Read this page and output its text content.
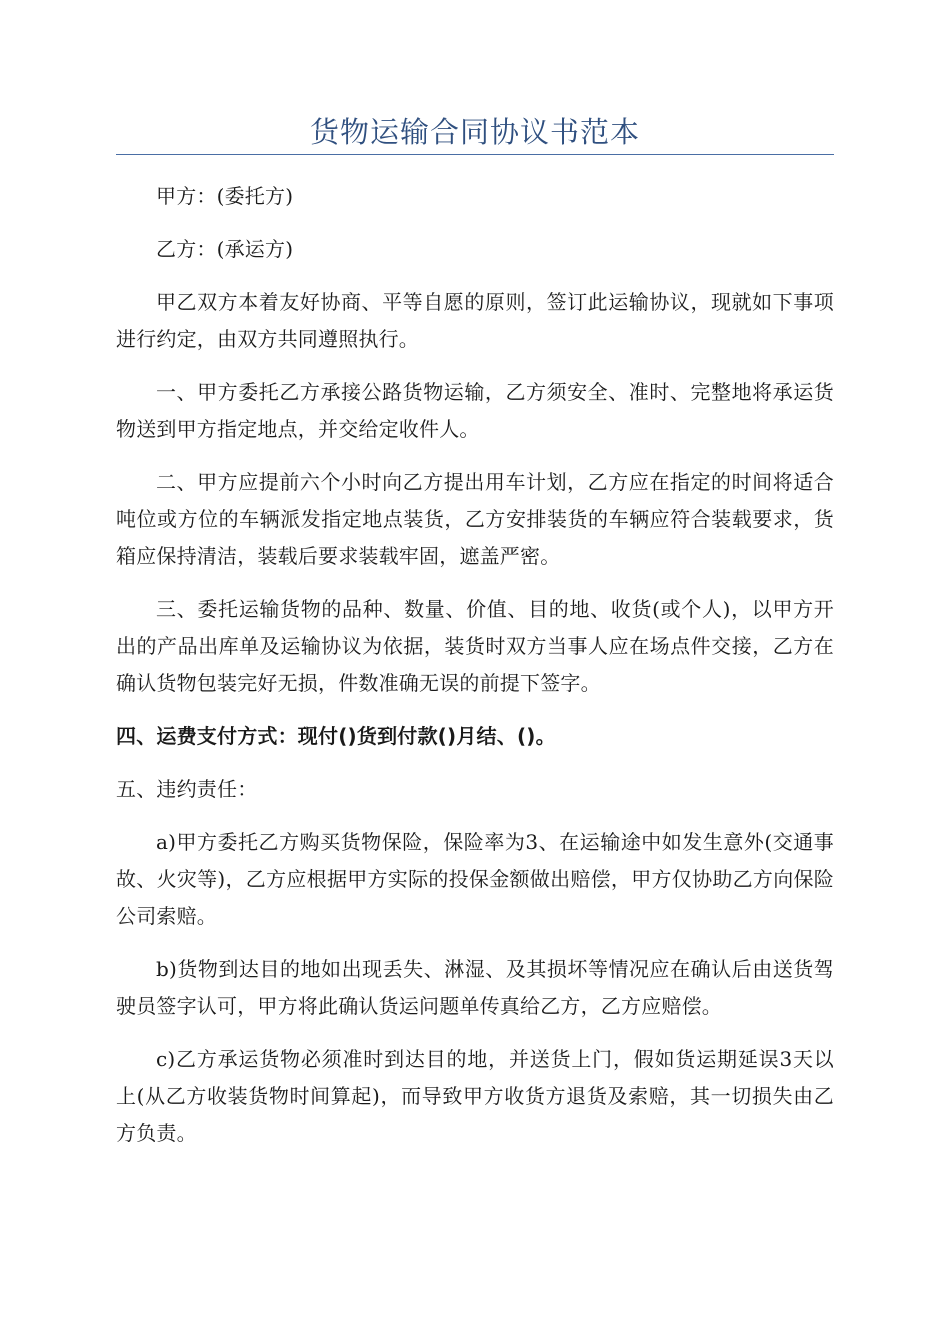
货物运输合同协议书范本

甲方：(委托方)

乙方：(承运方)

甲乙双方本着友好协商、平等自愿的原则，签订此运输协议，现就如下事项进行约定，由双方共同遵照执行。

一、甲方委托乙方承接公路货物运输，乙方须安全、准时、完整地将承运货物送到甲方指定地点，并交给定收件人。

二、甲方应提前六个小时向乙方提出用车计划，乙方应在指定的时间将适合吨位或方位的车辆派发指定地点装货，乙方安排装货的车辆应符合装载要求，货箱应保持清洁，装载后要求装载牢固，遮盖严密。

三、委托运输货物的品种、数量、价值、目的地、收货(或个人)，以甲方开出的产品出库单及运输协议为依据，装货时双方当事人应在场点件交接，乙方在确认货物包装完好无损，件数准确无误的前提下签字。

四、运费支付方式：现付()货到付款()月结、()。

五、违约责任：

a)甲方委托乙方购买货物保险，保险率为3、在运输途中如发生意外(交通事故、火灾等)，乙方应根据甲方实际的投保金额做出赔偿，甲方仅协助乙方向保险公司索赔。

b)货物到达目的地如出现丢失、淋湿、及其损坏等情况应在确认后由送货驾驶员签字认可，甲方将此确认货运问题单传真给乙方，乙方应赔偿。

c)乙方承运货物必须准时到达目的地，并送货上门，假如货运期延误3天以上(从乙方收装货物时间算起)，而导致甲方收货方退货及索赔，其一切损失由乙方负责。
